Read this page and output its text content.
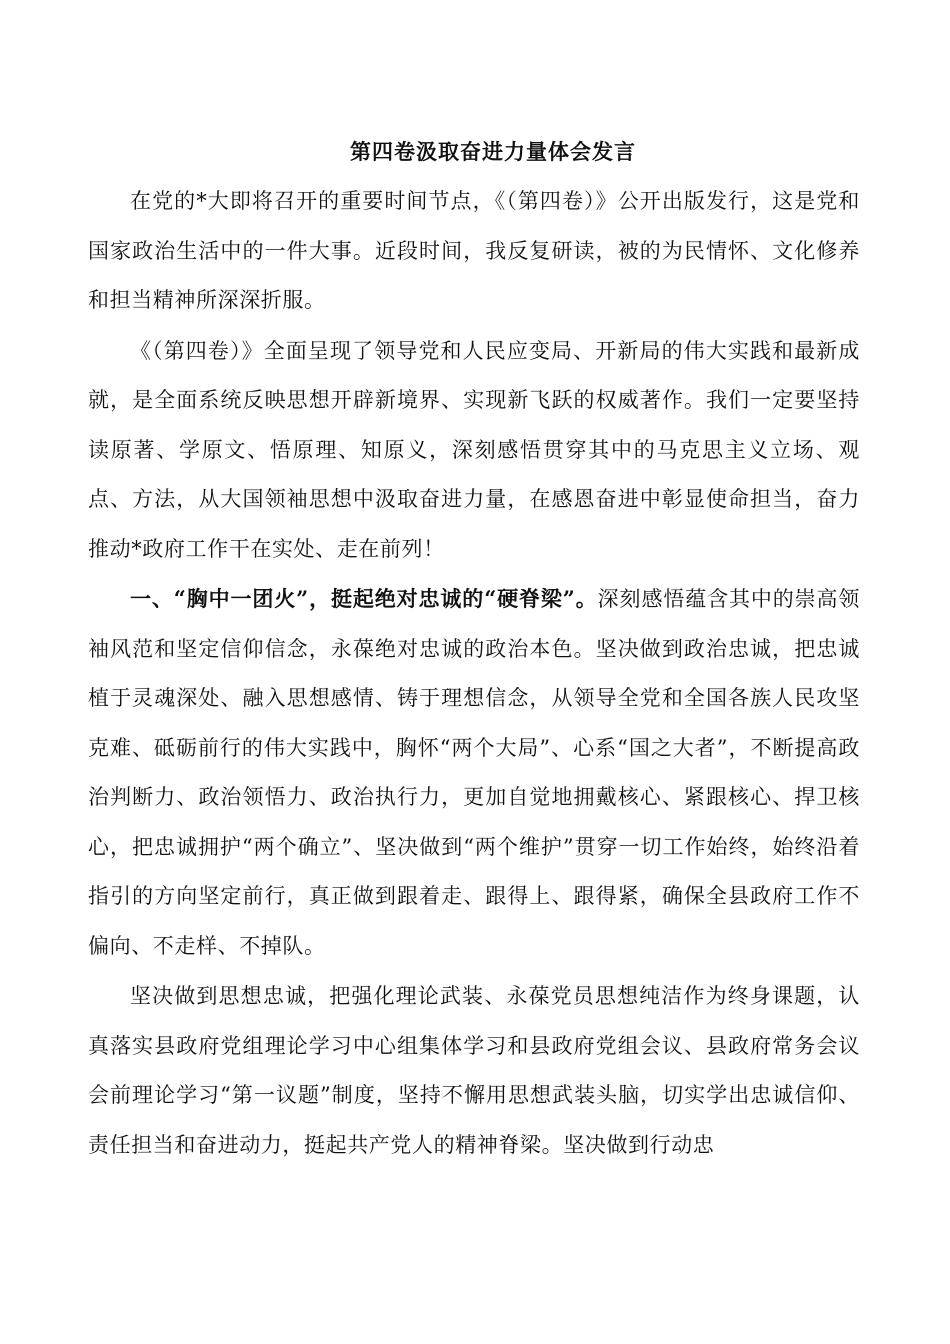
第四卷汲取奋进力量体会发言

在党的*大即将召开的重要时间节点，《（第四卷）》公开出版发行，这是党和国家政治生活中的一件大事。近段时间，我反复研读，被的为民情怀、文化修养和担当精神所深深折服。

《（第四卷）》全面呈现了领导党和人民应变局、开新局的伟大实践和最新成就，是全面系统反映思想开辟新境界、实现新飞跃的权威著作。我们一定要坚持读原著、学原文、悟原理、知原义，深刻感悟贯穿其中的马克思主义立场、观点、方法，从大国领袖思想中汲取奋进力量，在感恩奋进中彰显使命担当，奋力推动*政府工作干在实处、走在前列！

一、“胸中一团火”，挺起绝对忠诚的“硬脊梁”。深刻感悟蕴含其中的崇高领袖风范和坚定信仰信念，永葆绝对忠诚的政治本色。坚决做到政治忠诚，把忠诚植于灵魂深处、融入思想感情、铸于理想信念，从领导全党和全国各族人民攻坚克难、砥砺前行的伟大实践中，胸怀“两个大局”、心系“国之大者”，不断提高政治判断力、政治领悟力、政治执行力，更加自觉地拥戴核心、紧跟核心、捍卫核心，把忠诚拥护“两个确立”、坚决做到“两个维护”贯穿一切工作始终，始终沿着指引的方向坚定前行，真正做到跟着走、跟得上、跟得紧，确保全县政府工作不偏向、不走样、不掉队。

坚决做到思想忠诚，把强化理论武装、永葆党员思想纯洁作为终身课题，认真落实县政府党组理论学习中心组集体学习和县政府党组会议、县政府常务会议会前理论学习“第一议题”制度，坚持不懈用思想武装头脑，切实学出忠诚信仰、责任担当和奋进动力，挺起共产党人的精神脊梁。坚决做到行动忠
